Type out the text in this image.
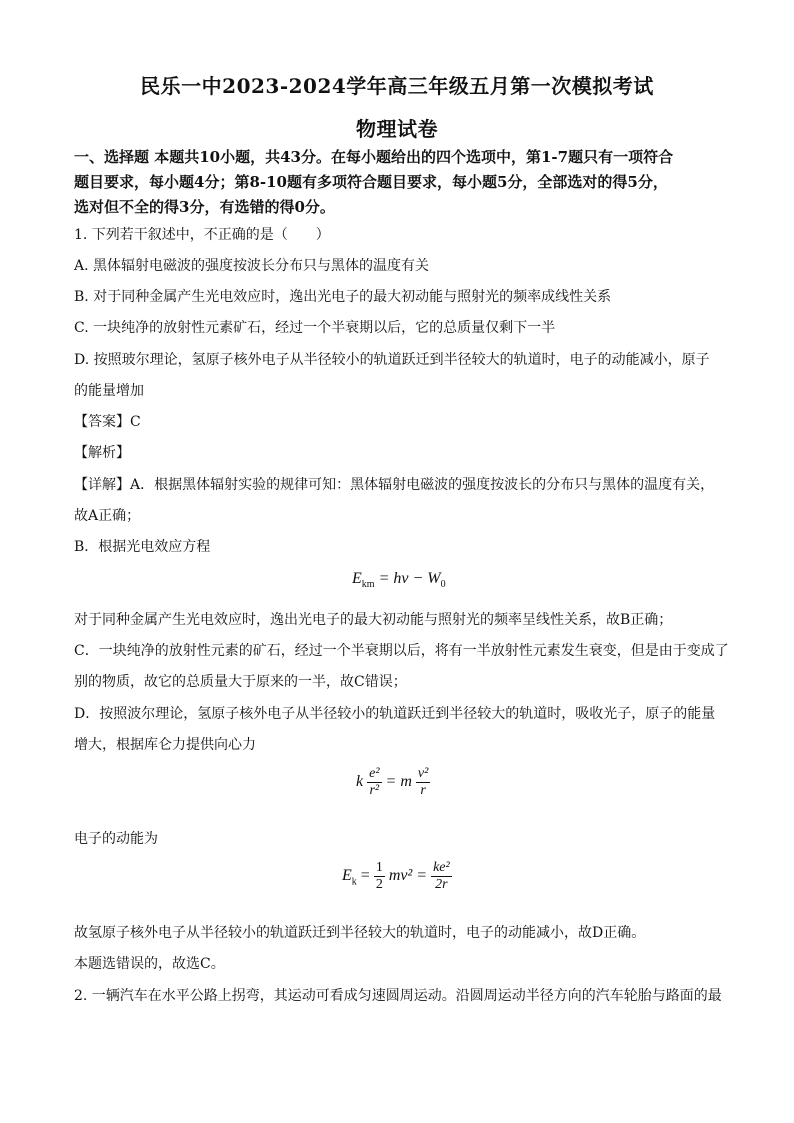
民乐一中2023-2024学年高三年级五月第一次模拟考试
物理试卷
一、选择题 本题共10小题，共43分。在每小题给出的四个选项中，第1-7题只有一项符合
题目要求，每小题4分；第8-10题有多项符合题目要求，每小题5分，全部选对的得5分，
选对但不全的得3分，有选错的得0分。
1. 下列若干叙述中，不正确的是（　　）
A. 黑体辐射电磁波的强度按波长分布只与黑体的温度有关
B. 对于同种金属产生光电效应时，逸出光电子的最大初动能与照射光的频率成线性关系
C. 一块纯净的放射性元素矿石，经过一个半衰期以后，它的总质量仅剩下一半
D. 按照玻尔理论，氢原子核外电子从半径较小的轨道跃迁到半径较大的轨道时，电子的动能减小，原子
的能量增加
【答案】C
【解析】
【详解】A．根据黑体辐射实验的规律可知：黑体辐射电磁波的强度按波长的分布只与黑体的温度有关，
故A正确；
B．根据光电效应方程
$E_{km} = h\nu - W_0$
对于同种金属产生光电效应时，逸出光电子的最大初动能与照射光的频率呈线性关系，故B正确；
C．一块纯净的放射性元素的矿石，经过一个半衰期以后，将有一半放射性元素发生衰变，但是由于变成了
别的物质，故它的总质量大于原来的一半，故C错误；
D．按照波尔理论，氢原子核外电子从半径较小的轨道跃迁到半径较大的轨道时，吸收光子，原子的能量
增大，根据库仑力提供向心力
k $\frac{\text{e²}}{\text{r²}} = m \frac{\text{v²}}{r}$
电子的动能为
$E_k = \frac{1}{2} mv^2 = \frac{\text{ke²}}{2r}$
故氢原子核外电子从半径较小的轨道跃迁到半径较大的轨道时，电子的动能减小，故D正确。
本题选错误的，故选C。
2. 一辆汽车在水平公路上拐弯，其运动可看成匀速圆周运动。沿圆周运动半径方向的汽车轮胎与路面的最
